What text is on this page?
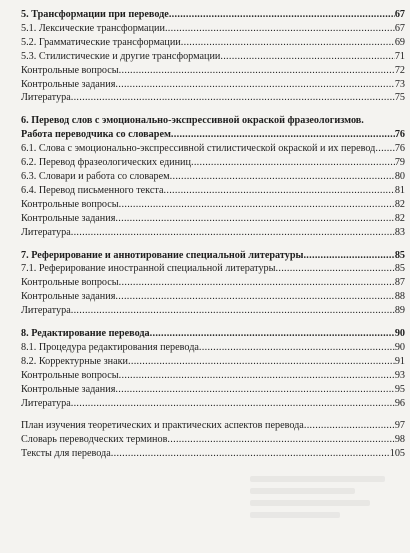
5. Трансформации при переводе .....	67
5.1. Лексические трансформации .....	67
5.2. Грамматические трансформации .....	69
5.3. Стилистические и другие трансформации .....	71
Контрольные вопросы .....	72
Контрольные задания .....	73
Литература .....	75
6. Перевод слов с эмоционально-экспрессивной окраской фразеологизмов.
Работа переводчика со словарем .....	76
6.1. Слова с эмоционально-экспрессивной стилистической окраской и их перевод ..... 76
6.2. Перевод фразеологических единиц .....	79
6.3. Словари и работа со словарем .....	80
6.4. Перевод письменного текста .....	81
Контрольные вопросы .....	82
Контрольные задания .....	82
Литература .....	83
7. Реферирование и аннотирование специальной литературы .....	85
7.1. Реферирование иностранной специальной литературы .....	85
Контрольные вопросы .....	87
Контрольные задания .....	88
Литература .....	89
8. Редактирование перевода .....	90
8.1. Процедура редактирования перевода .....	90
8.2. Корректурные знаки .....	91
Контрольные вопросы .....	93
Контрольные задания .....	95
Литература .....	96
План изучения теоретических и практических аспектов перевода .....	97
Словарь переводческих терминов .....	98
Тексты для перевода .....	105
